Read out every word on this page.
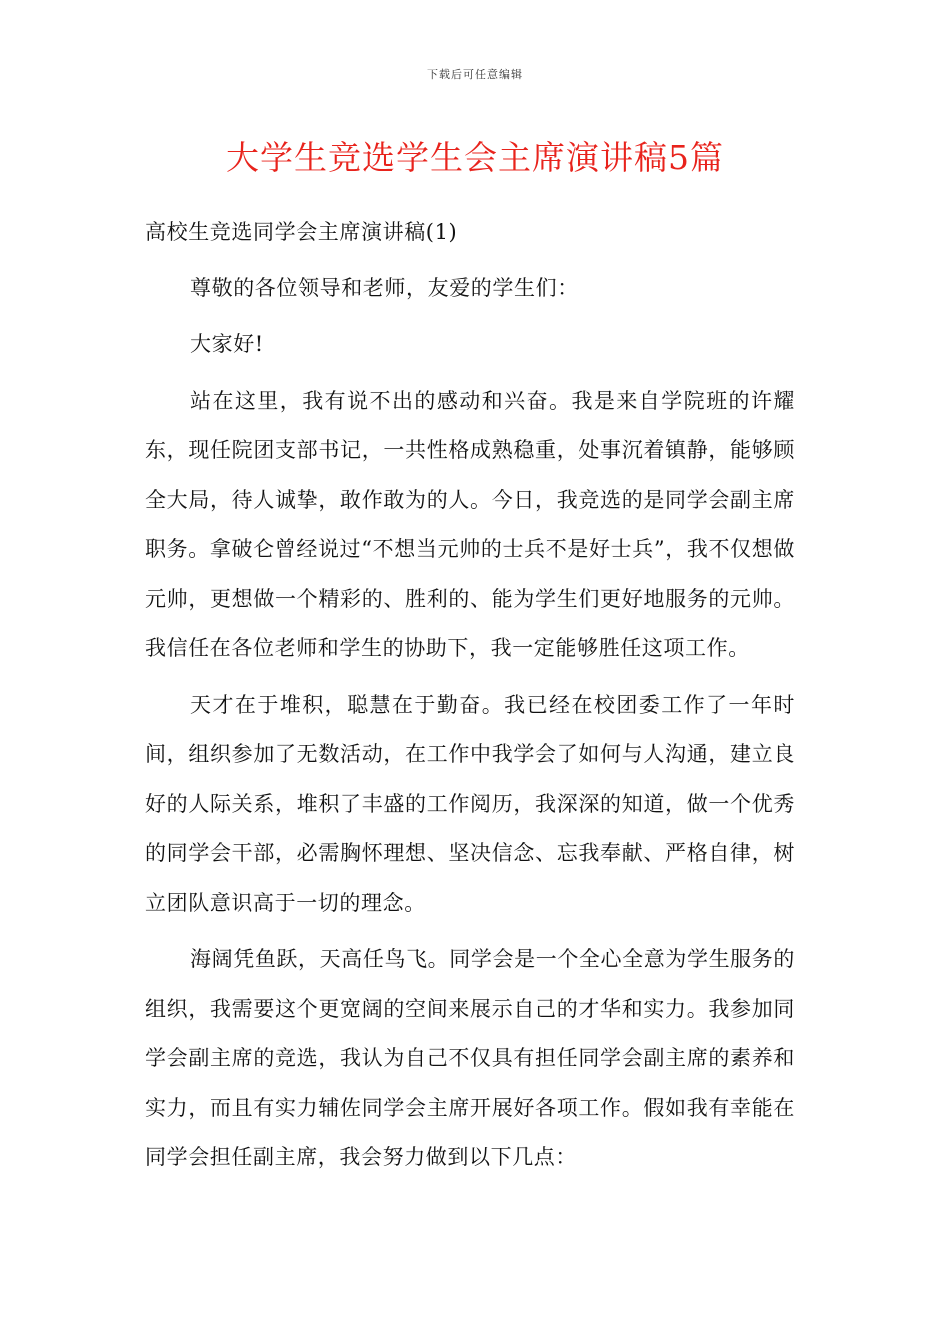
下载后可任意编辑
大学生竞选学生会主席演讲稿5篇

高校生竞选同学会主席演讲稿(1)

尊敬的各位领导和老师，友爱的学生们：

大家好!

站在这里，我有说不出的感动和兴奋。我是来自学院班的许耀东，现任院团支部书记，一共性格成熟稳重，处事沉着镇静，能够顾全大局，待人诚挚，敢作敢为的人。今日，我竞选的是同学会副主席职务。拿破仑曾经说过“不想当元帅的士兵不是好士兵”，我不仅想做元帅，更想做一个精彩的、胜利的、能为学生们更好地服务的元帅。我信任在各位老师和学生的协助下，我一定能够胜任这项工作。

天才在于堆积，聪慧在于勤奋。我已经在校团委工作了一年时间，组织参加了无数活动，在工作中我学会了如何与人沟通，建立良好的人际关系，堆积了丰盛的工作阅历，我深深的知道，做一个优秀的同学会干部，必需胸怀理想、坚决信念、忘我奉献、严格自律，树立团队意识高于一切的理念。

海阔凭鱼跃，天高任鸟飞。同学会是一个全心全意为学生服务的组织，我需要这个更宽阔的空间来展示自己的才华和实力。我参加同学会副主席的竞选，我认为自己不仅具有担任同学会副主席的素养和实力，而且有实力辅佐同学会主席开展好各项工作。假如我有幸能在同学会担任副主席，我会努力做到以下几点：
